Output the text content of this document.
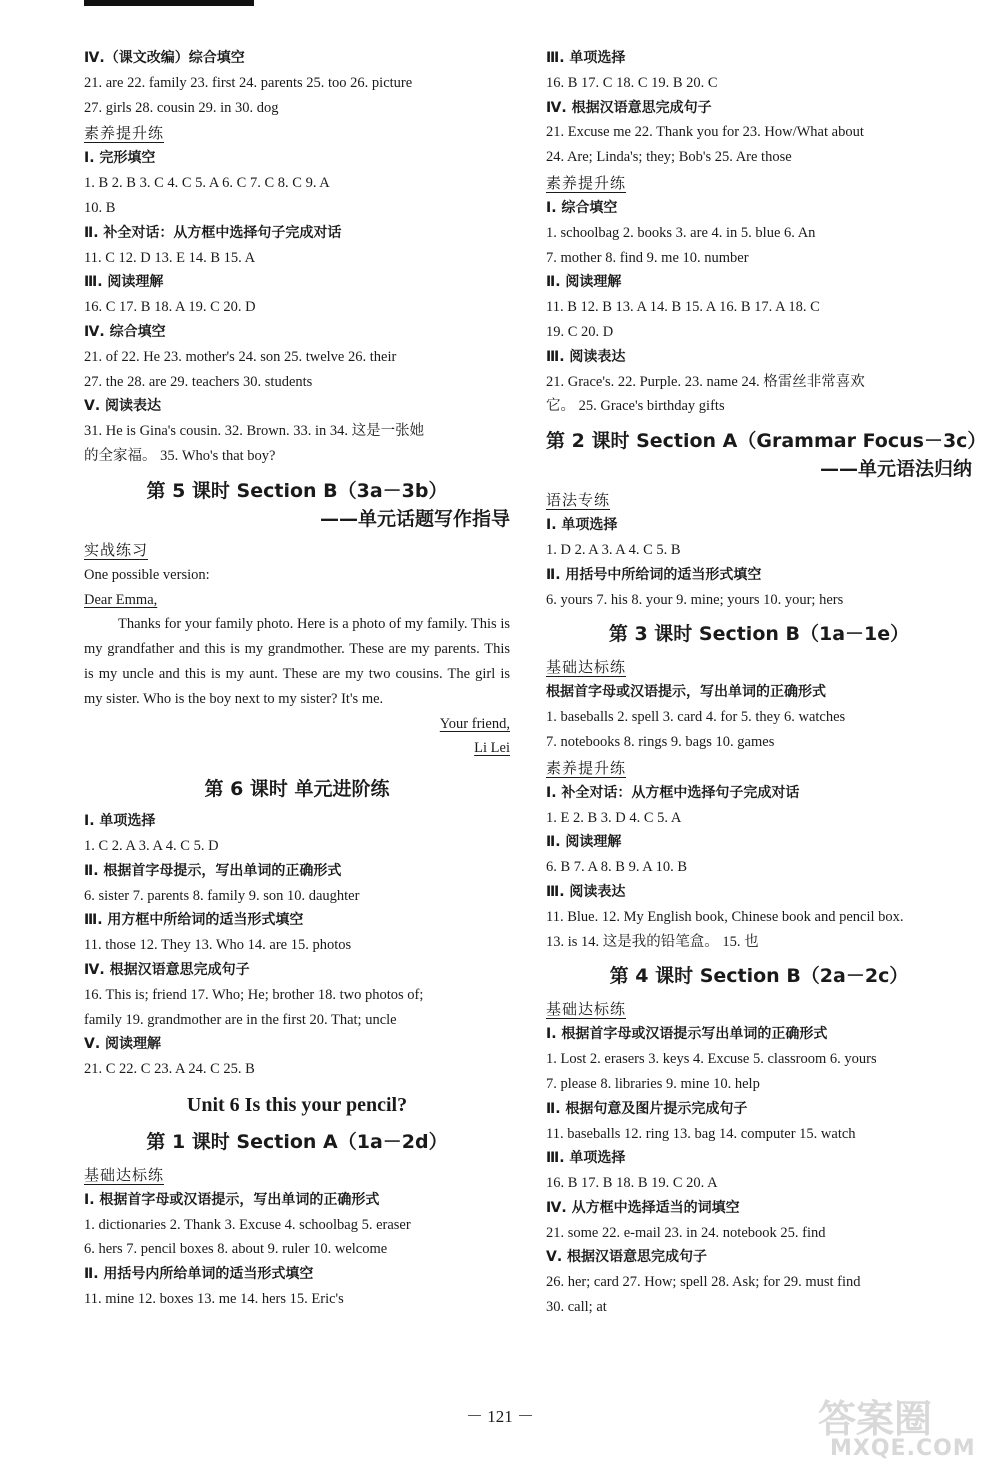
Ⅳ.（课文改编）综合填空
21. are 22. family 23. first 24. parents 25. too 26. picture
27. girls 28. cousin 29. in 30. dog
素养提升练
Ⅰ. 完形填空
1. B 2. B 3. C 4. C 5. A 6. C 7. C 8. C 9. A
10. B
Ⅱ. 补全对话：从方框中选择句子完成对话
11. C 12. D 13. E 14. B 15. A
Ⅲ. 阅读理解
16. C 17. B 18. A 19. C 20. D
Ⅳ. 综合填空
21. of 22. He 23. mother's 24. son 25. twelve 26. their
27. the 28. are 29. teachers 30. students
Ⅴ. 阅读表达
31. He is Gina's cousin. 32. Brown. 33. in 34. 这是一张她
的全家福。 35. Who's that boy?
第 5 课时 Section B（3a－3b）
——单元话题写作指导
实战练习
One possible version:
Dear Emma,
Thanks for your family photo. Here is a photo of my family. This is my grandfather and this is my grandmother. These are my parents. This is my uncle and this is my aunt. These are my two cousins. The girl is my sister. Who is the boy next to my sister? It's me.
Your friend,
Li Lei
第 6 课时 单元进阶练
Ⅰ. 单项选择
1. C 2. A 3. A 4. C 5. D
Ⅱ. 根据首字母提示，写出单词的正确形式
6. sister 7. parents 8. family 9. son 10. daughter
Ⅲ. 用方框中所给词的适当形式填空
11. those 12. They 13. Who 14. are 15. photos
Ⅳ. 根据汉语意思完成句子
16. This is; friend 17. Who; He; brother 18. two photos of;
family 19. grandmother are in the first 20. That; uncle
Ⅴ. 阅读理解
21. C 22. C 23. A 24. C 25. B
Unit 6 Is this your pencil?
第 1 课时 Section A（1a－2d）
基础达标练
Ⅰ. 根据首字母或汉语提示，写出单词的正确形式
1. dictionaries 2. Thank 3. Excuse 4. schoolbag 5. eraser
6. hers 7. pencil boxes 8. about 9. ruler 10. welcome
Ⅱ. 用括号内所给单词的适当形式填空
11. mine 12. boxes 13. me 14. hers 15. Eric's
Ⅲ. 单项选择
16. B 17. C 18. C 19. B 20. C
Ⅳ. 根据汉语意思完成句子
21. Excuse me 22. Thank you for 23. How/What about
24. Are; Linda's; they; Bob's 25. Are those
素养提升练
Ⅰ. 综合填空
1. schoolbag 2. books 3. are 4. in 5. blue 6. An
7. mother 8. find 9. me 10. number
Ⅱ. 阅读理解
11. B 12. B 13. A 14. B 15. A 16. B 17. A 18. C
19. C 20. D
Ⅲ. 阅读表达
21. Grace's. 22. Purple. 23. name 24. 格雷丝非常喜欢
它。 25. Grace's birthday gifts
第 2 课时 Section A（Grammar Focus－3c）
——单元语法归纳
语法专练
Ⅰ. 单项选择
1. D 2. A 3. A 4. C 5. B
Ⅱ. 用括号中所给词的适当形式填空
6. yours 7. his 8. your 9. mine; yours 10. your; hers
第 3 课时 Section B（1a－1e）
基础达标练
根据首字母或汉语提示，写出单词的正确形式
1. baseballs 2. spell 3. card 4. for 5. they 6. watches
7. notebooks 8. rings 9. bags 10. games
素养提升练
Ⅰ. 补全对话：从方框中选择句子完成对话
1. E 2. B 3. D 4. C 5. A
Ⅱ. 阅读理解
6. B 7. A 8. B 9. A 10. B
Ⅲ. 阅读表达
11. Blue. 12. My English book, Chinese book and pencil box.
13. is 14. 这是我的铅笔盒。 15. 也
第 4 课时 Section B（2a－2c）
基础达标练
Ⅰ. 根据首字母或汉语提示写出单词的正确形式
1. Lost 2. erasers 3. keys 4. Excuse 5. classroom 6. yours
7. please 8. libraries 9. mine 10. help
Ⅱ. 根据句意及图片提示完成句子
11. baseballs 12. ring 13. bag 14. computer 15. watch
Ⅲ. 单项选择
16. B 17. B 18. B 19. C 20. A
Ⅳ. 从方框中选择适当的词填空
21. some 22. e-mail 23. in 24. notebook 25. find
Ⅴ. 根据汉语意思完成句子
26. her; card 27. How; spell 28. Ask; for 29. must find
30. call; at
－ 121 －	答案圈
MXQE.COM
